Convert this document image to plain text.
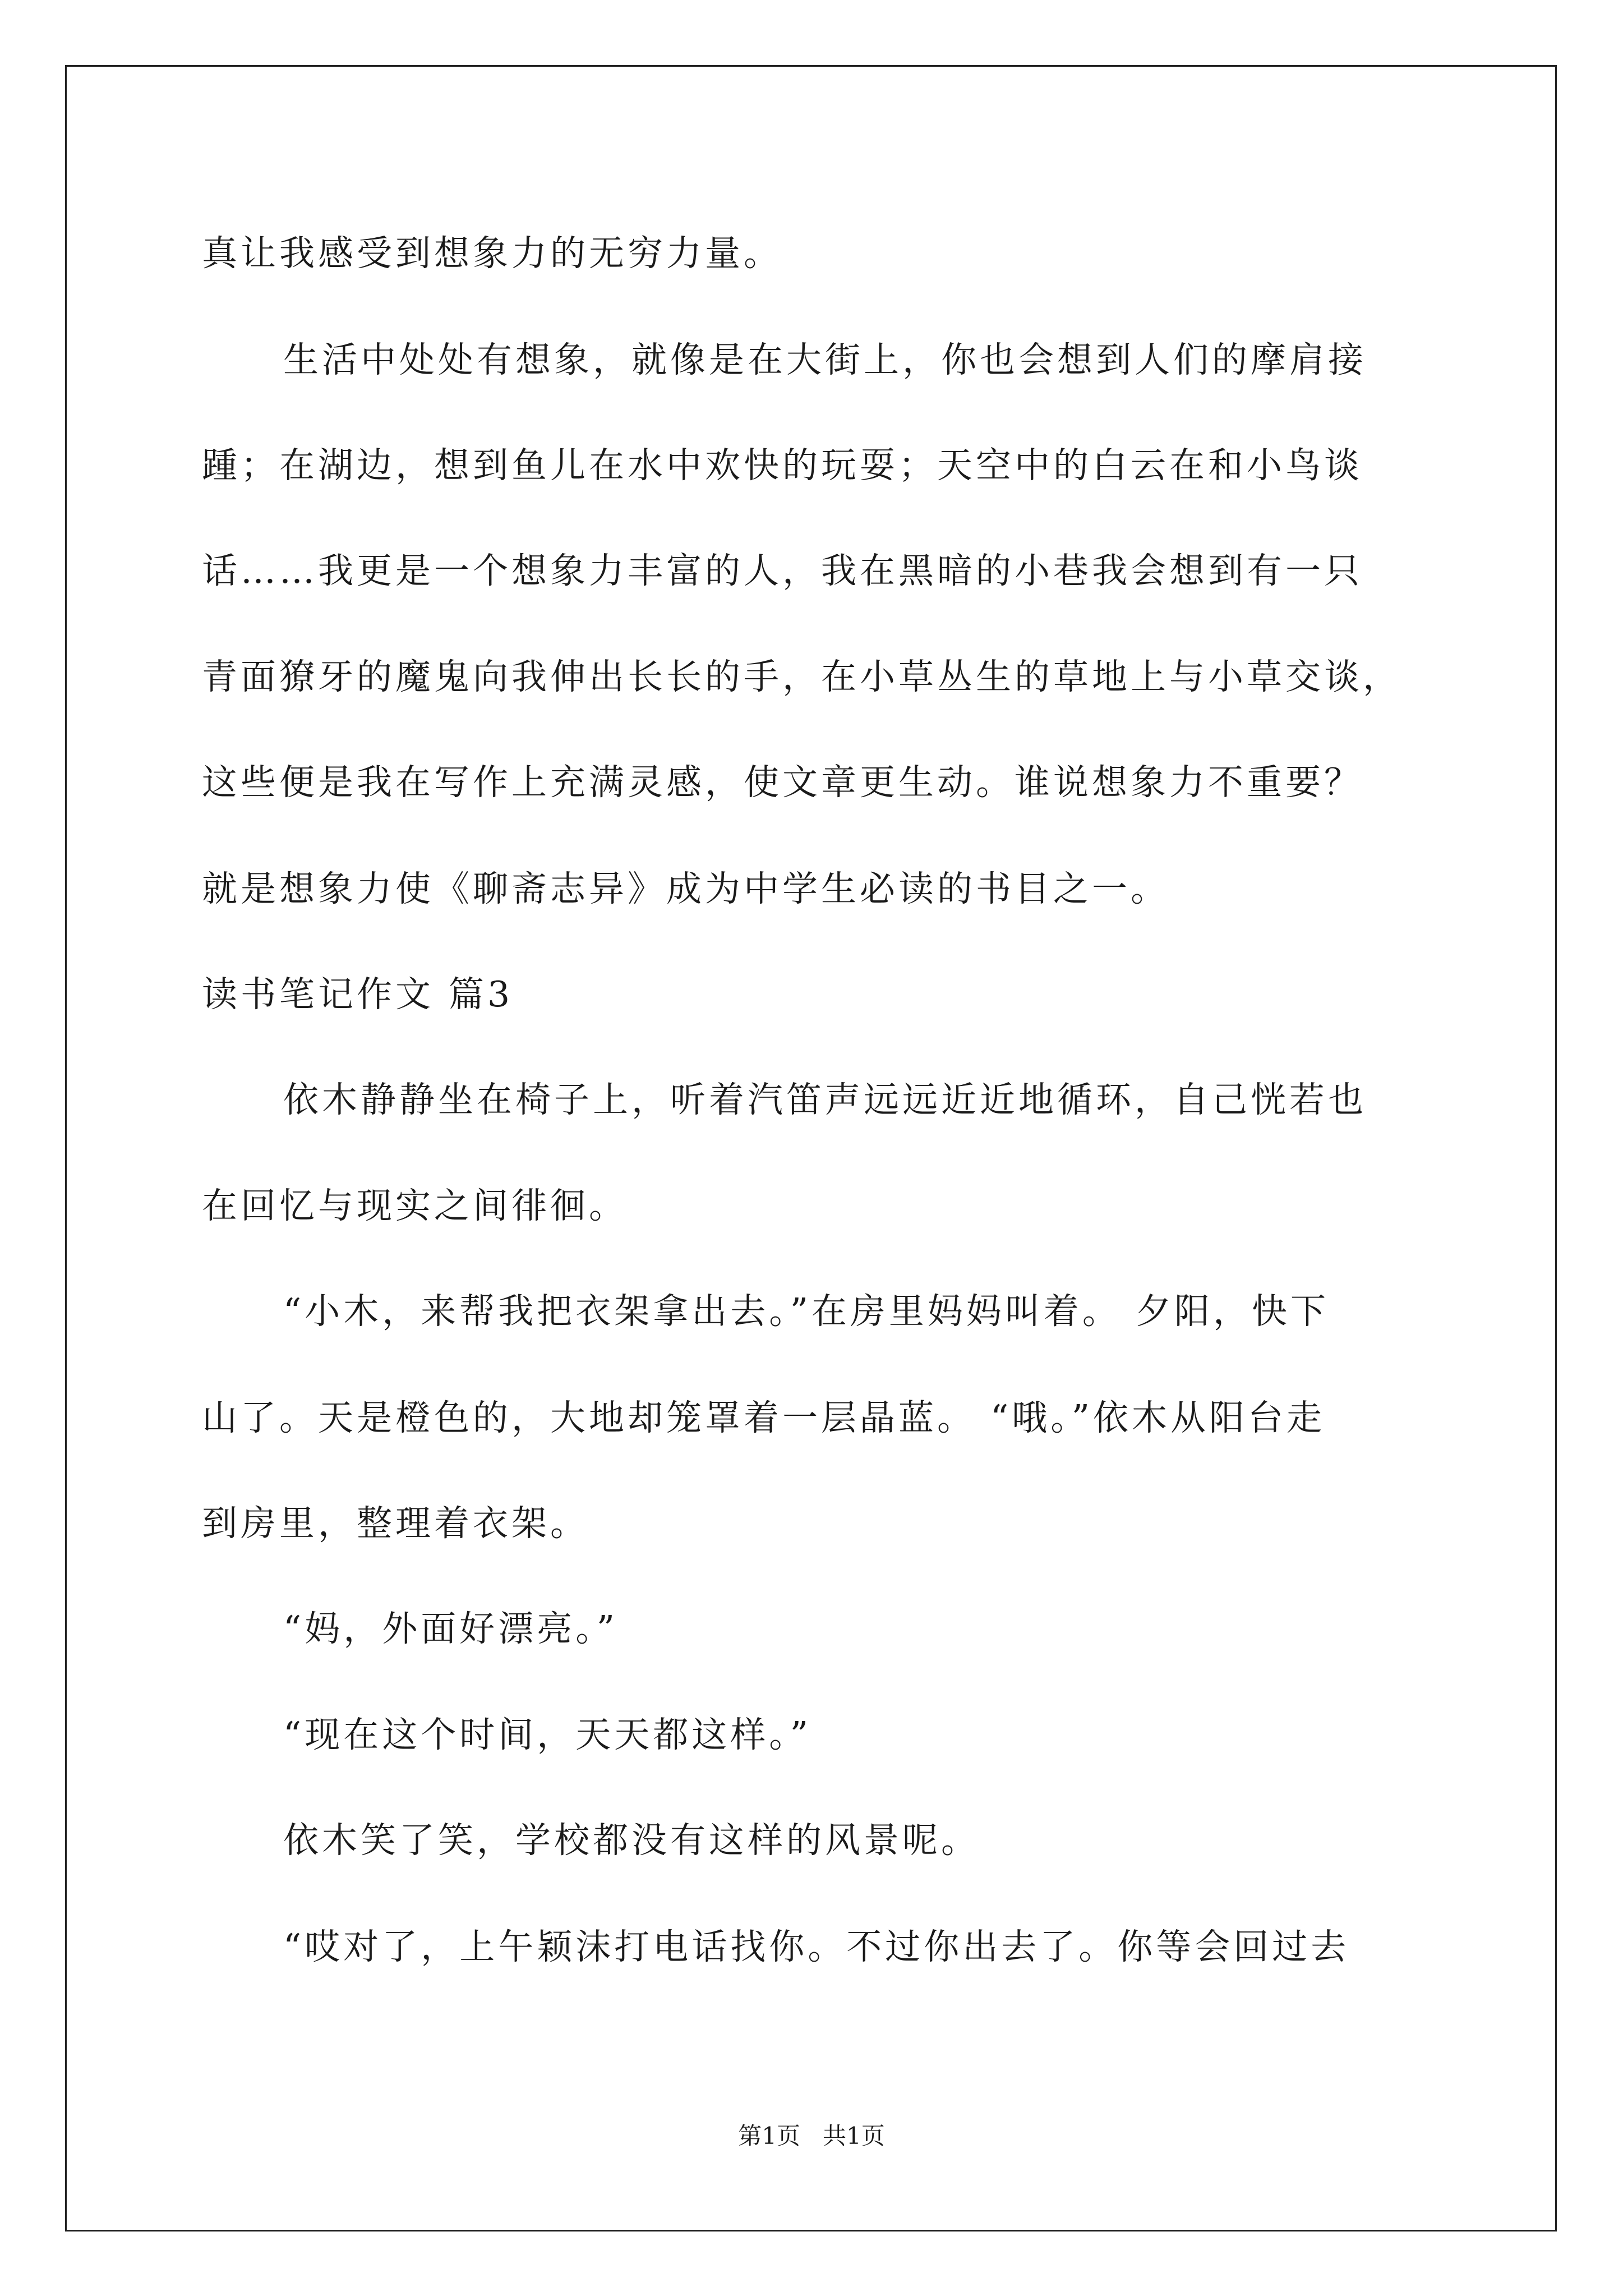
真让我感受到想象力的无穷力量。
生活中处处有想象，就像是在大街上，你也会想到人们的摩肩接
踵；在湖边，想到鱼儿在水中欢快的玩耍；天空中的白云在和小鸟谈
话……我更是一个想象力丰富的人，我在黑暗的小巷我会想到有一只
青面獠牙的魔鬼向我伸出长长的手，在小草丛生的草地上与小草交谈，
这些便是我在写作上充满灵感，使文章更生动。谁说想象力不重要？
就是想象力使《聊斋志异》成为中学生必读的书目之一。
读书笔记作文 篇3
依木静静坐在椅子上，听着汽笛声远远近近地循环，自己恍若也
在回忆与现实之间徘徊。
“小木，来帮我把衣架拿出去。”在房里妈妈叫着。 夕阳，快下
山了。天是橙色的，大地却笼罩着一层晶蓝。 “哦。”依木从阳台走
到房里，整理着衣架。
“妈，外面好漂亮。”
“现在这个时间，天天都这样。”
依木笑了笑，学校都没有这样的风景呢。
“哎对了，上午颖沫打电话找你。不过你出去了。你等会回过去
第1页   共1页
